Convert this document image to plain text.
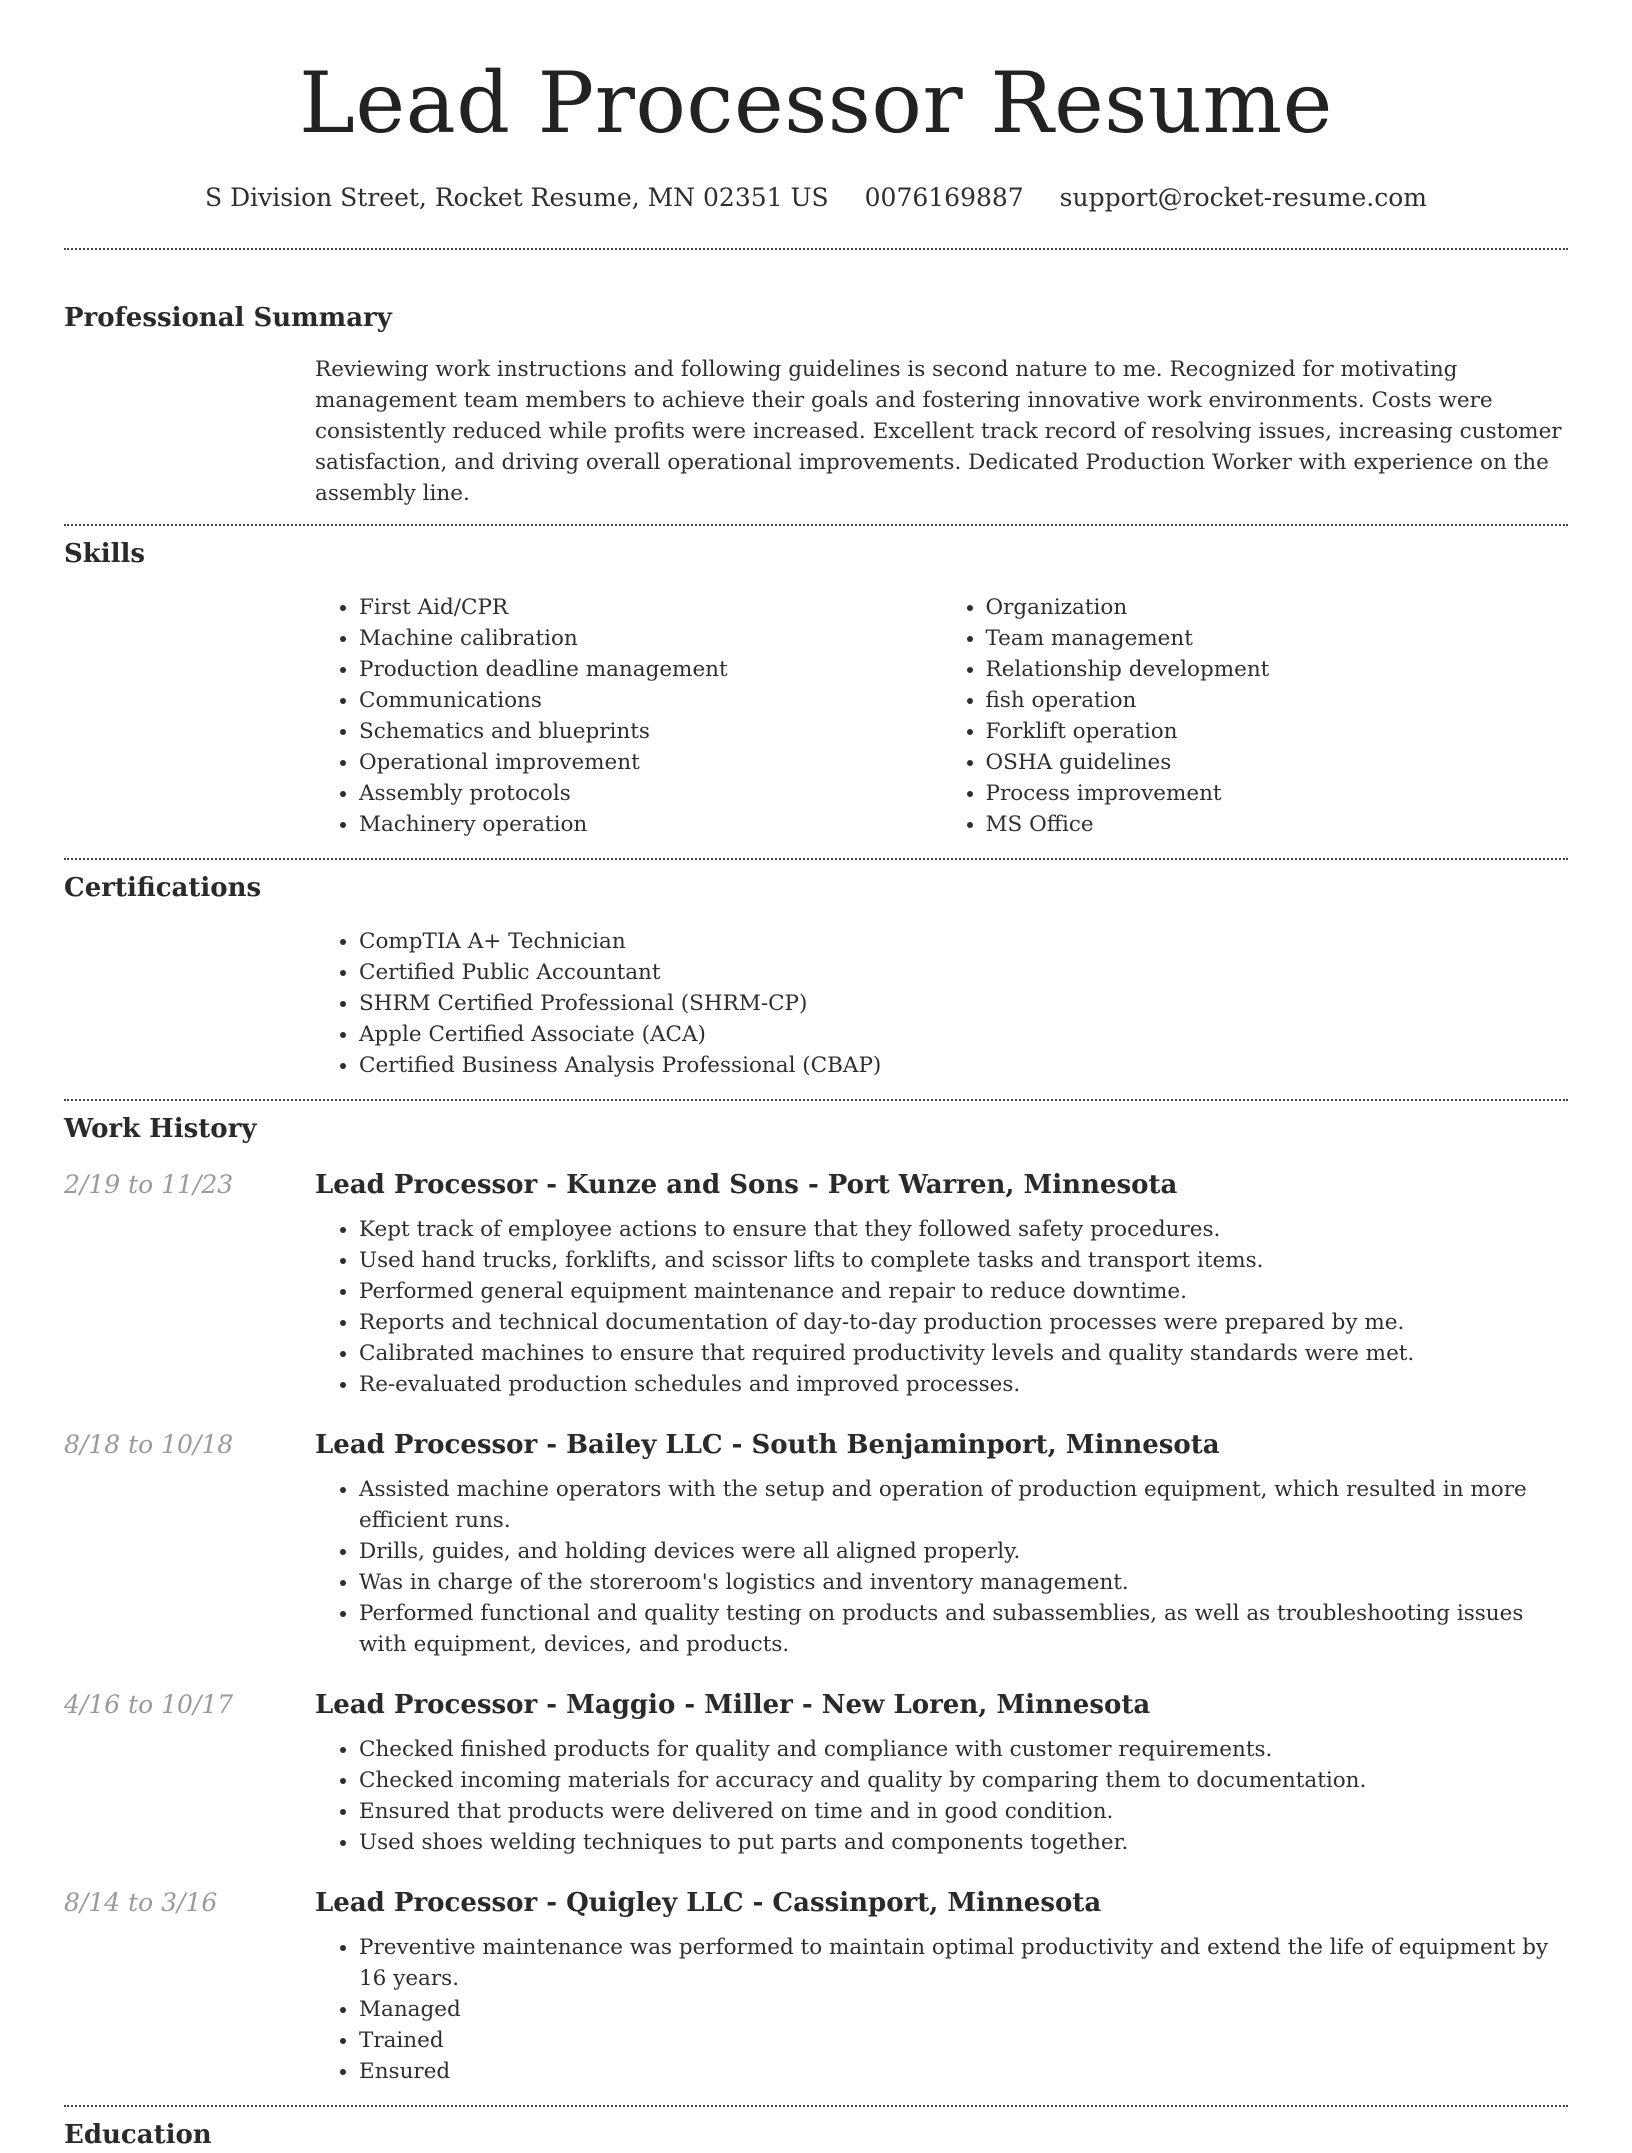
Lead Processor Resume
S Division Street, Rocket Resume, MN 02351 US 0076169887 support@rocket-resume.com
Professional Summary

Reviewing work instructions and following guidelines is second nature to me. Recognized for motivating management team members to achieve their goals and fostering innovative work environments. Costs were consistently reduced while profits were increased. Excellent track record of resolving issues, increasing customer satisfaction, and driving overall operational improvements. Dedicated Production Worker with experience on the assembly line.

Skills
• First Aid/CPR
• Machine calibration
• Production deadline management
• Communications
• Schematics and blueprints
• Operational improvement
• Assembly protocols
• Machinery operation
• Organization
• Team management
• Relationship development
• fish operation
• Forklift operation
• OSHA guidelines
• Process improvement
• MS Office
Certifications
• CompTIA A+ Technician
• Certified Public Accountant
• SHRM Certified Professional (SHRM-CP)
• Apple Certified Associate (ACA)
• Certified Business Analysis Professional (CBAP)
Work History
2/19 to 11/23	Lead Processor - Kunze and Sons - Port Warren, Minnesota
• Kept track of employee actions to ensure that they followed safety procedures.
• Used hand trucks, forklifts, and scissor lifts to complete tasks and transport items.
• Performed general equipment maintenance and repair to reduce downtime.
• Reports and technical documentation of day-to-day production processes were prepared by me.
• Calibrated machines to ensure that required productivity levels and quality standards were met.
• Re-evaluated production schedules and improved processes.
8/18 to 10/18	Lead Processor - Bailey LLC - South Benjaminport, Minnesota
• Assisted machine operators with the setup and operation of production equipment, which resulted in more efficient runs.
• Drills, guides, and holding devices were all aligned properly.
• Was in charge of the storeroom's logistics and inventory management.
• Performed functional and quality testing on products and subassemblies, as well as troubleshooting issues with equipment, devices, and products.
4/16 to 10/17	Lead Processor - Maggio - Miller - New Loren, Minnesota
• Checked finished products for quality and compliance with customer requirements.
• Checked incoming materials for accuracy and quality by comparing them to documentation.
• Ensured that products were delivered on time and in good condition.
• Used shoes welding techniques to put parts and components together.
8/14 to 3/16	Lead Processor - Quigley LLC - Cassinport, Minnesota
• Preventive maintenance was performed to maintain optimal productivity and extend the life of equipment by 16 years.
• Managed
• Trained
• Ensured
Education
